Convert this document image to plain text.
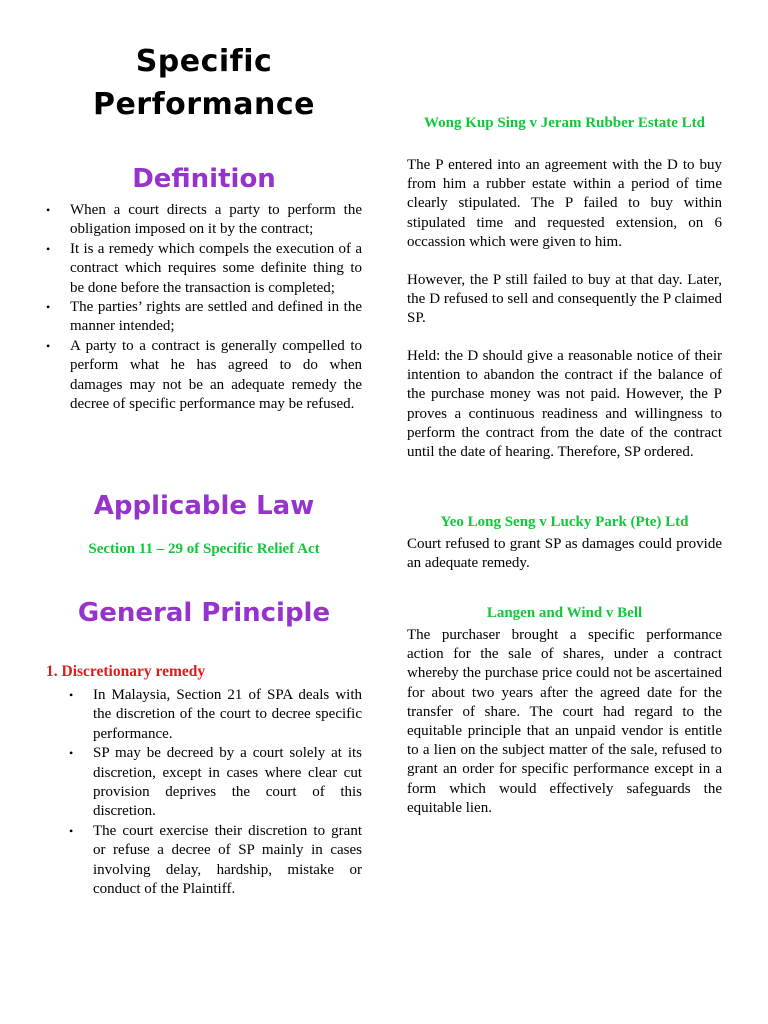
Specific
Performance
Definition
• When a court directs a party to perform the obligation imposed on it by the contract;
• It is a remedy which compels the execution of a contract which requires some definite thing to be done before the transaction is completed;
• The parties’ rights are settled and defined in the manner intended;
• A party to a contract is generally compelled to perform what he has agreed to do when damages may not be an adequate remedy the decree of specific performance may be refused.
Applicable Law
Section 11 – 29 of Specific Relief Act
General Principle
1. Discretionary remedy
• In Malaysia, Section 21 of SPA deals with the discretion of the court to decree specific performance.
• SP may be decreed by a court solely at its discretion, except in cases where clear cut provision deprives the court of this discretion.
• The court exercise their discretion to grant or refuse a decree of SP mainly in cases involving delay, hardship, mistake or conduct of the Plaintiff.
Wong Kup Sing v Jeram Rubber Estate Ltd

The P entered into an agreement with the D to buy from him a rubber estate within a period of time clearly stipulated. The P failed to buy within stipulated time and requested extension, on 6 occassion which were given to him.

However, the P still failed to buy at that day. Later, the D refused to sell and consequently the P claimed SP.

Held: the D should give a reasonable notice of their intention to abandon the contract if the balance of the purchase money was not paid. However, the P proves a continuous readiness and willingness to perform the contract from the date of the contract until the date of hearing. Therefore, SP ordered.

Yeo Long Seng v Lucky Park (Pte) Ltd

Court refused to grant SP as damages could provide an adequate remedy.

Langen and Wind v Bell

The purchaser brought a specific performance action for the sale of shares, under a contract whereby the purchase price could not be ascertained for about two years after the agreed date for the transfer of share. The court had regard to the equitable principle that an unpaid vendor is entitle to a lien on the subject matter of the sale, refused to grant an order for specific performance except in a form which would effectively safeguards the equitable lien.
